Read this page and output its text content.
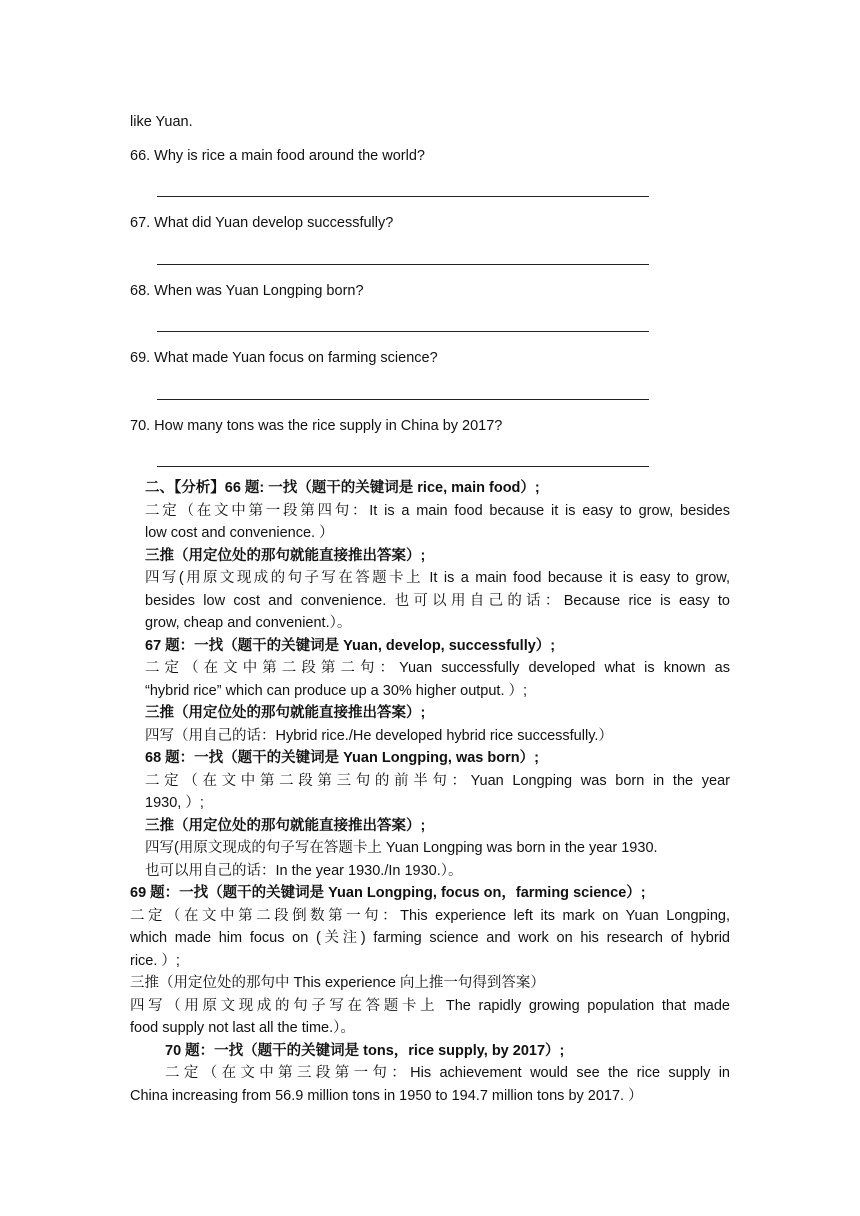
like Yuan.
66. Why is rice a main food around the world?
67. What did Yuan develop successfully?
68. When was Yuan Longping born?
69. What made Yuan focus on farming science?
70. How many tons was the rice supply in China by 2017?
二、【分析】66 题: 一找（题干的关键词是 rice, main food）;
二定（在文中第一段第四句：It is a main food because it is easy to grow, besides
low cost and convenience. ）
三推（用定位处的那句就能直接推出答案）;
四写(用原文现成的句子写在答题卡上 It is a main food because it is easy to grow,
besides low cost and convenience. 也可以用自己的话：Because rice is easy to
grow, cheap and convenient.）。
67 题：一找（题干的关键词是 Yuan, develop, successfully）;
二定（在文中第二段第二句：Yuan successfully developed what is known as
“hybrid rice” which can produce up a 30% higher output. ）;
三推（用定位处的那句就能直接推出答案）;
四写（用自己的话：Hybrid rice./He developed hybrid rice successfully.）
68 题：一找（题干的关键词是 Yuan Longping, was born）;
二定（在文中第二段第三句的前半句：Yuan Longping was born in the year
1930, ）;
三推（用定位处的那句就能直接推出答案）;
四写(用原文现成的句子写在答题卡上 Yuan Longping was born in the year 1930.
也可以用自己的话：In the year 1930./In 1930.）。
69 题：一找（题干的关键词是 Yuan Longping, focus on，farming science）;
二定（在文中第二段倒数第一句：This experience left its mark on Yuan Longping,
which made him focus on (关注) farming science and work on his research of hybrid
rice. ）;
三推（用定位处的那句中 This experience 向上推一句得到答案）
四写（用原文现成的句子写在答题卡上 The rapidly growing population that made
food supply not last all the time.）。
70 题：一找（题干的关键词是 tons，rice supply, by 2017）;
二定（在文中第三段第一句：His achievement would see the rice supply in
China increasing from 56.9 million tons in 1950 to 194.7 million tons by 2017. ）
